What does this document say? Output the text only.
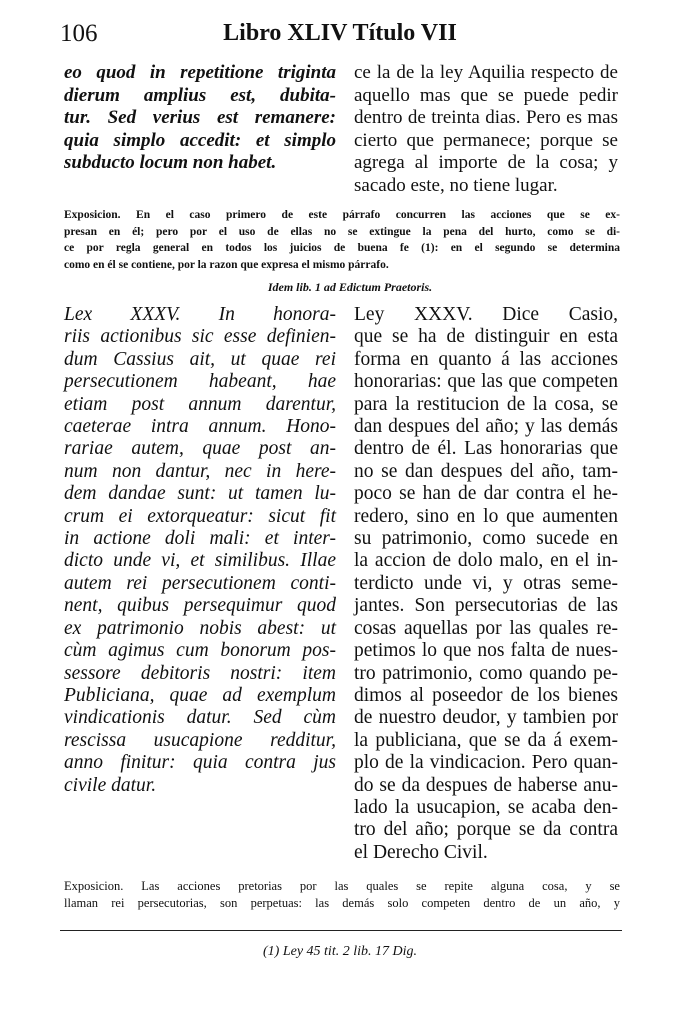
106	Libro XLIV Título VII
eo quod in repetitione triginta
dierum amplius est, dubita-
tur. Sed verius est remanere:
quia simplo accedit: et simplo
subducto locum non habet.
ce la de la ley Aquilia respecto de
aquello mas que se puede pedir
dentro de treinta dias. Pero es mas
cierto que permanece; porque se
agrega al importe de la cosa; y
sacado este, no tiene lugar.
Exposicion. En el caso primero de este párrafo concurren las acciones que se ex-
presan en él; pero por el uso de ellas no se extingue la pena del hurto, como se di-
ce por regla general en todos los juicios de buena fe (1): en el segundo se determina
como en él se contiene, por la razon que expresa el mismo párrafo.
Idem lib. 1 ad Edictum Praetoris.
Lex XXXV. In honora-
riis actionibus sic esse definien-
dum Cassius ait, ut quae rei
persecutionem habeant, hae
etiam post annum darentur,
caeterae intra annum. Hono-
rariae autem, quae post an-
num non dantur, nec in here-
dem dandae sunt: ut tamen lu-
crum ei extorqueatur: sicut fit
in actione doli mali: et inter-
dicto unde vi, et similibus. Illae
autem rei persecutionem conti-
nent, quibus persequimur quod
ex patrimonio nobis abest: ut
cùm agimus cum bonorum pos-
sessore debitoris nostri: item
Publiciana, quae ad exemplum
vindicationis datur. Sed cùm
rescissa usucapione redditur,
anno finitur: quia contra jus
civile datur.
Ley XXXV. Dice Casio,
que se ha de distinguir en esta
forma en quanto á las acciones
honorarias: que las que competen
para la restitucion de la cosa, se
dan despues del año; y las demás
dentro de él. Las honorarias que
no se dan despues del año, tam-
poco se han de dar contra el he-
redero, sino en lo que aumenten
su patrimonio, como sucede en
la accion de dolo malo, en el in-
terdicto unde vi, y otras seme-
jantes. Son persecutorias de las
cosas aquellas por las quales re-
petimos lo que nos falta de nues-
tro patrimonio, como quando pe-
dimos al poseedor de los bienes
de nuestro deudor, y tambien por
la publiciana, que se da á exem-
plo de la vindicacion. Pero quan-
do se da despues de haberse anu-
lado la usucapion, se acaba den-
tro del año; porque se da contra
el Derecho Civil.
Exposicion. Las acciones pretorias por las quales se repite alguna cosa, y se
llaman rei persecutorias, son perpetuas: las demás solo competen dentro de un año, y
(1) Ley 45 tit. 2 lib. 17 Dig.
